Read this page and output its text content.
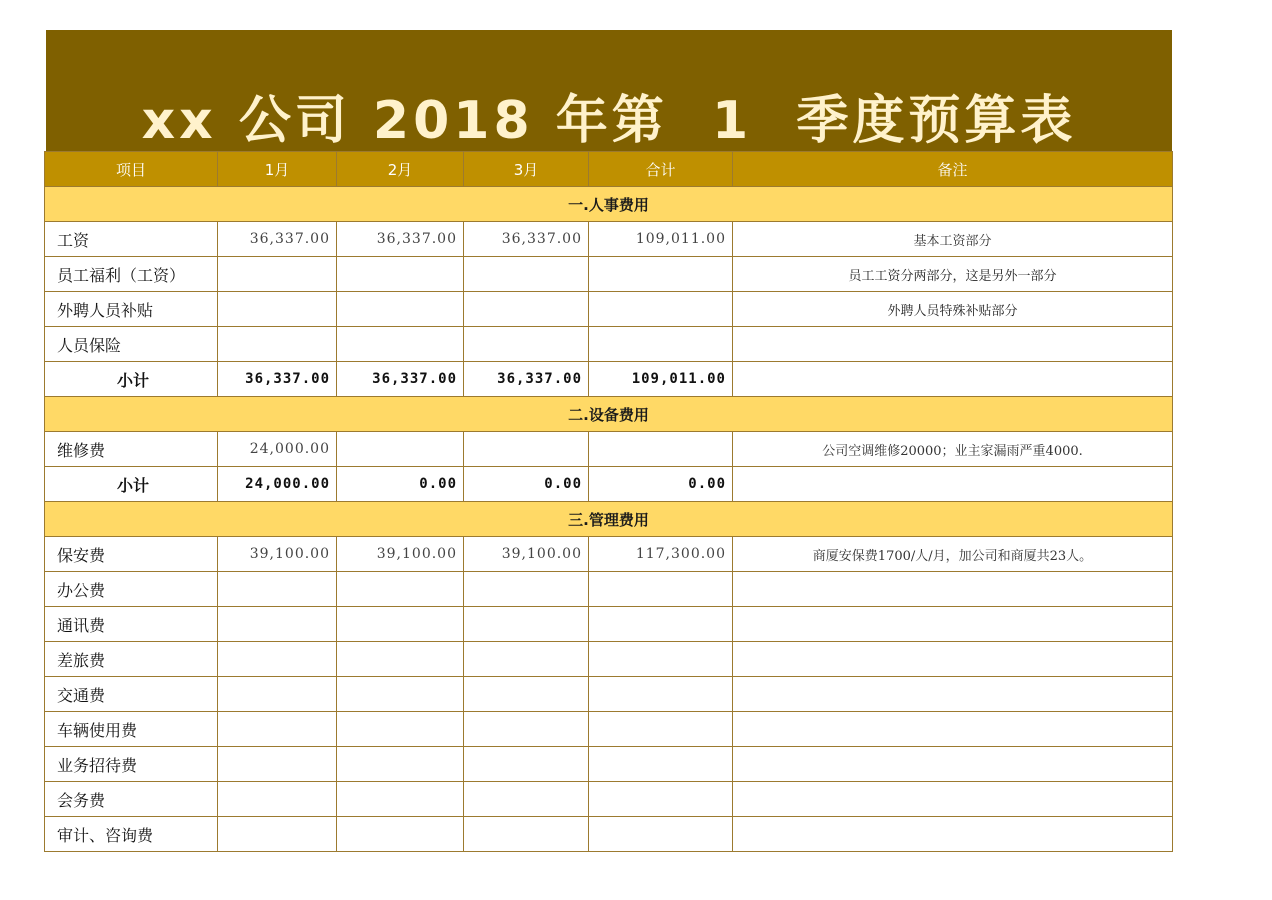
xx 公司 2018 年第  1  季度预算表
项目	1月	2月	3月	合计	备注
一.人事费用					
工资	36,337.00	36,337.00	36,337.00	109,011.00	基本工资部分
员工福利（工资）					员工工资分两部分，这是另外一部分
外聘人员补贴					外聘人员特殊补贴部分
人员保险					
小计	36,337.00	36,337.00	36,337.00	109,011.00	
二.设备费用					
维修费	24,000.00				公司空调维修20000；业主家漏雨严重4000.
小计	24,000.00	0.00	0.00	0.00	
三.管理费用					
保安费	39,100.00	39,100.00	39,100.00	117,300.00	商厦安保费1700/人/月，加公司和商厦共23人。
办公费					
通讯费					
差旅费					
交通费					
车辆使用费					
业务招待费					
会务费					
审计、咨询费					
